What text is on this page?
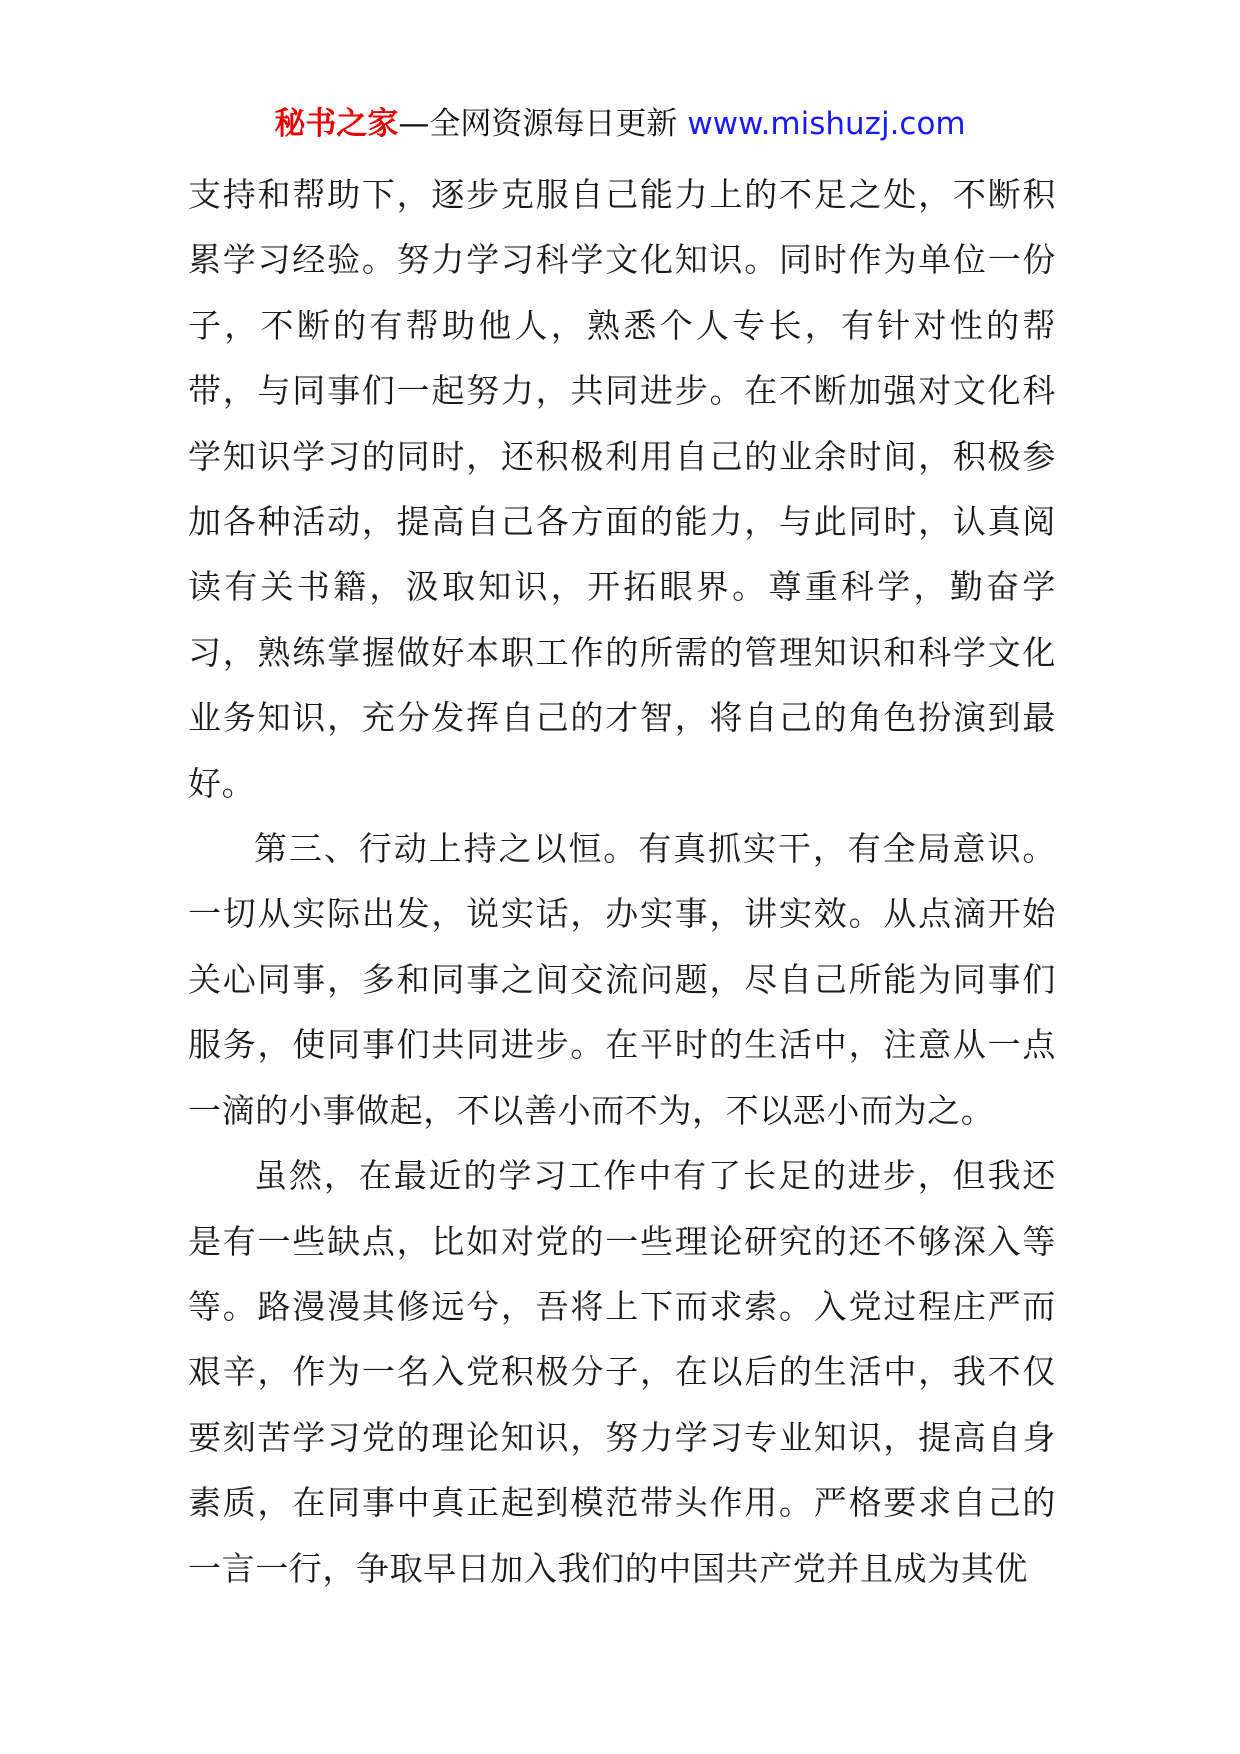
秘书之家—全网资源每日更新 www.mishuzj.com

支持和帮助下，逐步克服自己能力上的不足之处，不断积累学习经验。努力学习科学文化知识。同时作为单位一份子，不断的有帮助他人，熟悉个人专长，有针对性的帮带，与同事们一起努力，共同进步。在不断加强对文化科学知识学习的同时，还积极利用自己的业余时间，积极参加各种活动，提高自己各方面的能力，与此同时，认真阅读有关书籍，汲取知识，开拓眼界。尊重科学，勤奋学习，熟练掌握做好本职工作的所需的管理知识和科学文化业务知识，充分发挥自己的才智，将自己的角色扮演到最好。

第三、行动上持之以恒。有真抓实干，有全局意识。一切从实际出发，说实话，办实事，讲实效。从点滴开始关心同事，多和同事之间交流问题，尽自己所能为同事们服务，使同事们共同进步。在平时的生活中，注意从一点一滴的小事做起，不以善小而不为，不以恶小而为之。

虽然，在最近的学习工作中有了长足的进步，但我还是有一些缺点，比如对党的一些理论研究的还不够深入等等。路漫漫其修远兮，吾将上下而求索。入党过程庄严而艰辛，作为一名入党积极分子，在以后的生活中，我不仅要刻苦学习党的理论知识，努力学习专业知识，提高自身素质，在同事中真正起到模范带头作用。严格要求自己的一言一行，争取早日加入我们的中国共产党并且成为其优
